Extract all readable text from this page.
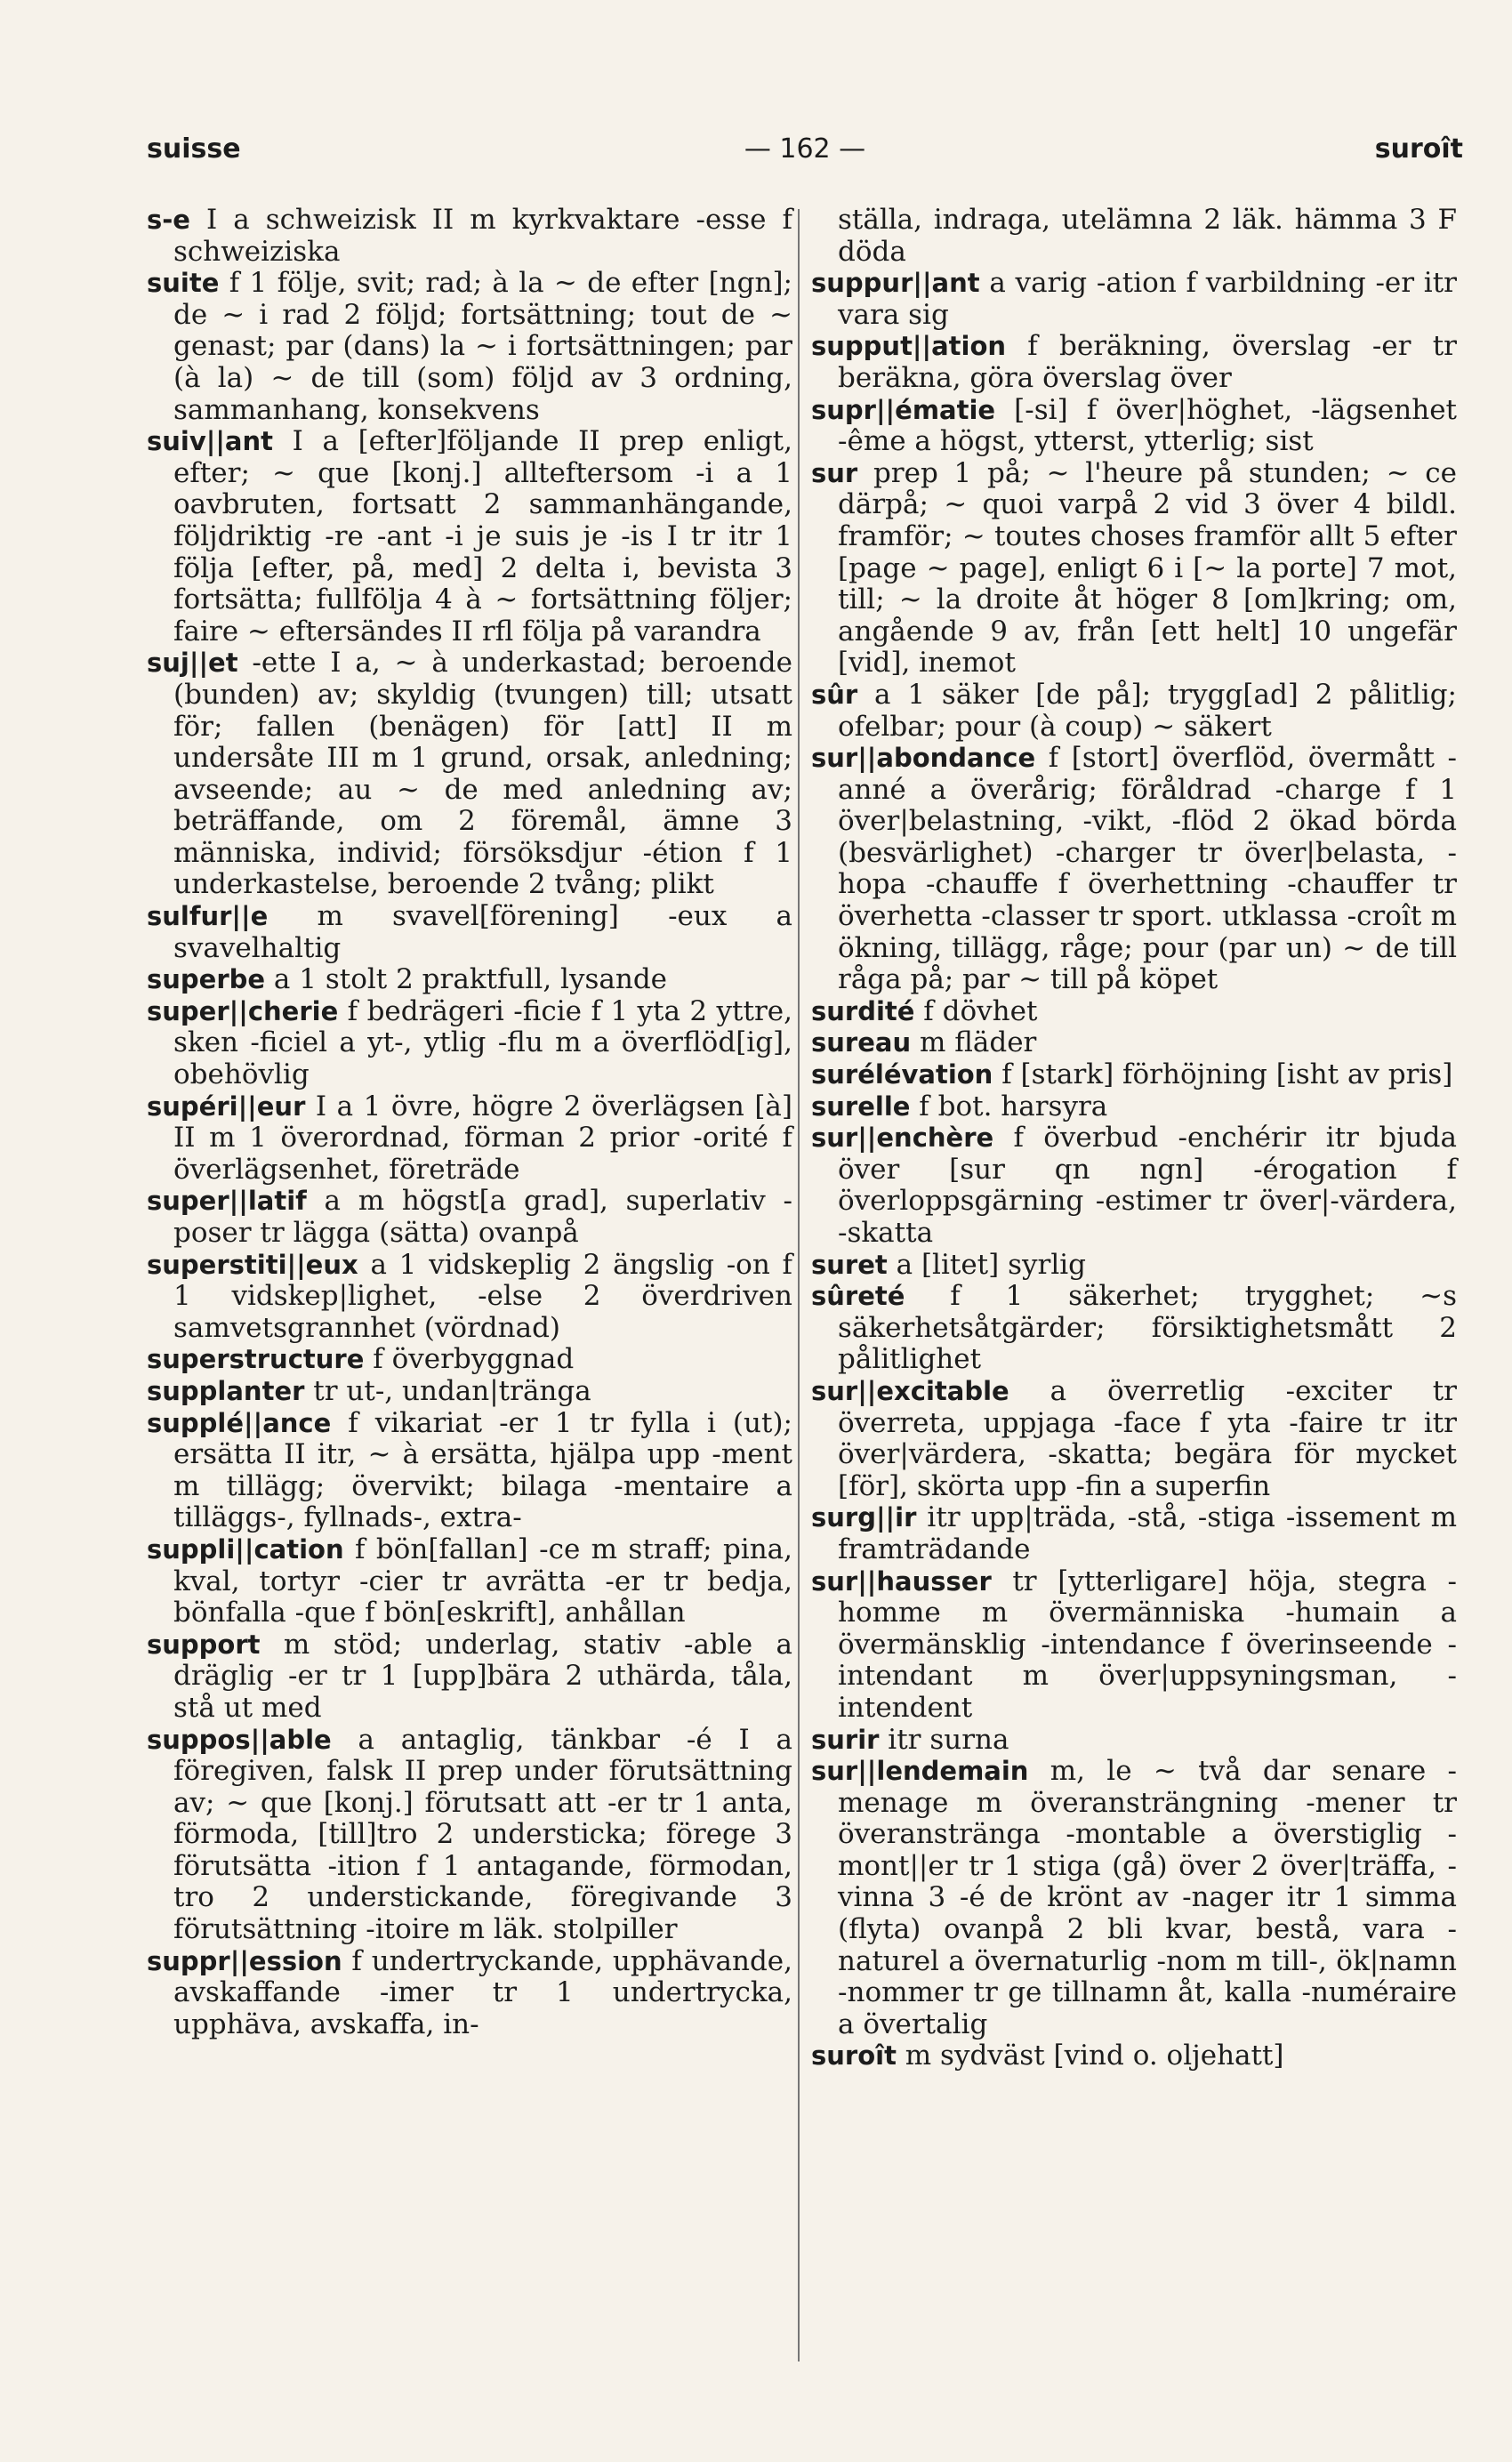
suisse	— 162 —	suroît

s-e I a schweizisk II m kyrkvaktare -esse f schweiziska

suite f 1 följe, svit; rad; à la ~ de efter [ngn]; de ~ i rad 2 följd; fortsättning; tout de ~ genast; par (dans) la ~ i fortsättningen; par (à la) ~ de till (som) följd av 3 ordning, sammanhang, konsekvens

suiv||ant I a [efter]följande II prep enligt, efter; ~ que [konj.] allteftersom -i a 1 oavbruten, fortsatt 2 sammanhängande, följdriktig -re -ant -i je suis je -is I tr itr 1 följa [efter, på, med] 2 delta i, bevista 3 fortsätta; fullfölja 4 à ~ fortsättning följer; faire ~ eftersändes II rfl följa på varandra

suj||et -ette I a, ~ à underkastad; beroende (bunden) av; skyldig (tvungen) till; utsatt för; fallen (benägen) för [att] II m undersåte III m 1 grund, orsak, anledning; avseende; au ~ de med anledning av; beträffande, om 2 föremål, ämne 3 människa, individ; försöksdjur -étion f 1 underkastelse, beroende 2 tvång; plikt

sulfur||e m svavel[förening] -eux a svavelhaltig

superbe a 1 stolt 2 praktfull, lysande

super||cherie f bedrägeri -ficie f 1 yta 2 yttre, sken -ficiel a yt-, ytlig -flu m a överflöd[ig], obehövlig

supéri||eur I a 1 övre, högre 2 överlägsen [à] II m 1 överordnad, förman 2 prior -orité f överlägsenhet, företräde

super||latif a m högst[a grad], superlativ -poser tr lägga (sätta) ovanpå

superstiti||eux a 1 vidskeplig 2 ängslig -on f 1 vidskep|lighet, -else 2 överdriven samvetsgrannhet (vördnad)

superstructure f överbyggnad

supplanter tr ut-, undan|tränga

supplé||ance f vikariat -er 1 tr fylla i (ut); ersätta II itr, ~ à ersätta, hjälpa upp -ment m tillägg; övervikt; bilaga -mentaire a tilläggs-, fyllnads-, extra-

suppli||cation f bön[fallan] -ce m straff; pina, kval, tortyr -cier tr avrätta -er tr bedja, bönfalla -que f bön[eskrift], anhållan

support m stöd; underlag, stativ -able a dräglig -er tr 1 [upp]bära 2 uthärda, tåla, stå ut med

suppos||able a antaglig, tänkbar -é I a föregiven, falsk II prep under förutsättning av; ~ que [konj.] förutsatt att -er tr 1 anta, förmoda, [till]tro 2 understicka; förege 3 förutsätta -ition f 1 antagande, förmodan, tro 2 understickande, föregivande 3 förutsättning -itoire m läk. stolpiller

suppr||ession f undertryckande, upphävande, avskaffande -imer tr 1 undertrycka, upphäva, avskaffa, in-

ställa, indraga, utelämna 2 läk. hämma 3 F döda

suppur||ant a varig -ation f varbildning -er itr vara sig

supput||ation f beräkning, överslag -er tr beräkna, göra överslag över

supr||ématie [-si] f över|höghet, -lägsenhet -ême a högst, ytterst, ytterlig; sist

sur prep 1 på; ~ l'heure på stunden; ~ ce därpå; ~ quoi varpå 2 vid 3 över 4 bildl. framför; ~ toutes choses framför allt 5 efter [page ~ page], enligt 6 i [~ la porte] 7 mot, till; ~ la droite åt höger 8 [om]kring; om, angående 9 av, från [ett helt] 10 ungefär [vid], inemot

sûr a 1 säker [de på]; trygg[ad] 2 pålitlig; ofelbar; pour (à coup) ~ säkert

sur||abondance f [stort] överflöd, övermått -anné a överårig; föråldrad -charge f 1 över|belastning, -vikt, -flöd 2 ökad börda (besvärlighet) -charger tr över|belasta, -hopa -chauffe f överhettning -chauffer tr överhetta -classer tr sport. utklassa -croît m ökning, tillägg, råge; pour (par un) ~ de till råga på; par ~ till på köpet

surdité f dövhet

sureau m fläder

surélévation f [stark] förhöjning [isht av pris]

surelle f bot. harsyra

sur||enchère f överbud -enchérir itr bjuda över [sur qn ngn] -érogation f överloppsgärning -estimer tr över|-värdera, -skatta

suret a [litet] syrlig

sûreté f 1 säkerhet; trygghet; ~s säkerhetsåtgärder; försiktighetsmått 2 pålitlighet

sur||excitable a överretlig -exciter tr överreta, uppjaga -face f yta -faire tr itr över|värdera, -skatta; begära för mycket [för], skörta upp -fin a superfin

surg||ir itr upp|träda, -stå, -stiga -issement m framträdande

sur||hausser tr [ytterligare] höja, stegra -homme m övermänniska -humain a övermänsklig -intendance f överinseende -intendant m över|uppsyningsman, -intendent

surir itr surna

sur||lendemain m, le ~ två dar senare -menage m överansträngning -mener tr överanstränga -montable a överstiglig -mont||er tr 1 stiga (gå) över 2 över|träffa, -vinna 3 -é de krönt av -nager itr 1 simma (flyta) ovanpå 2 bli kvar, bestå, vara -naturel a övernaturlig -nom m till-, ök|namn -nommer tr ge tillnamn åt, kalla -numéraire a övertalig

suroît m sydväst [vind o. oljehatt]
